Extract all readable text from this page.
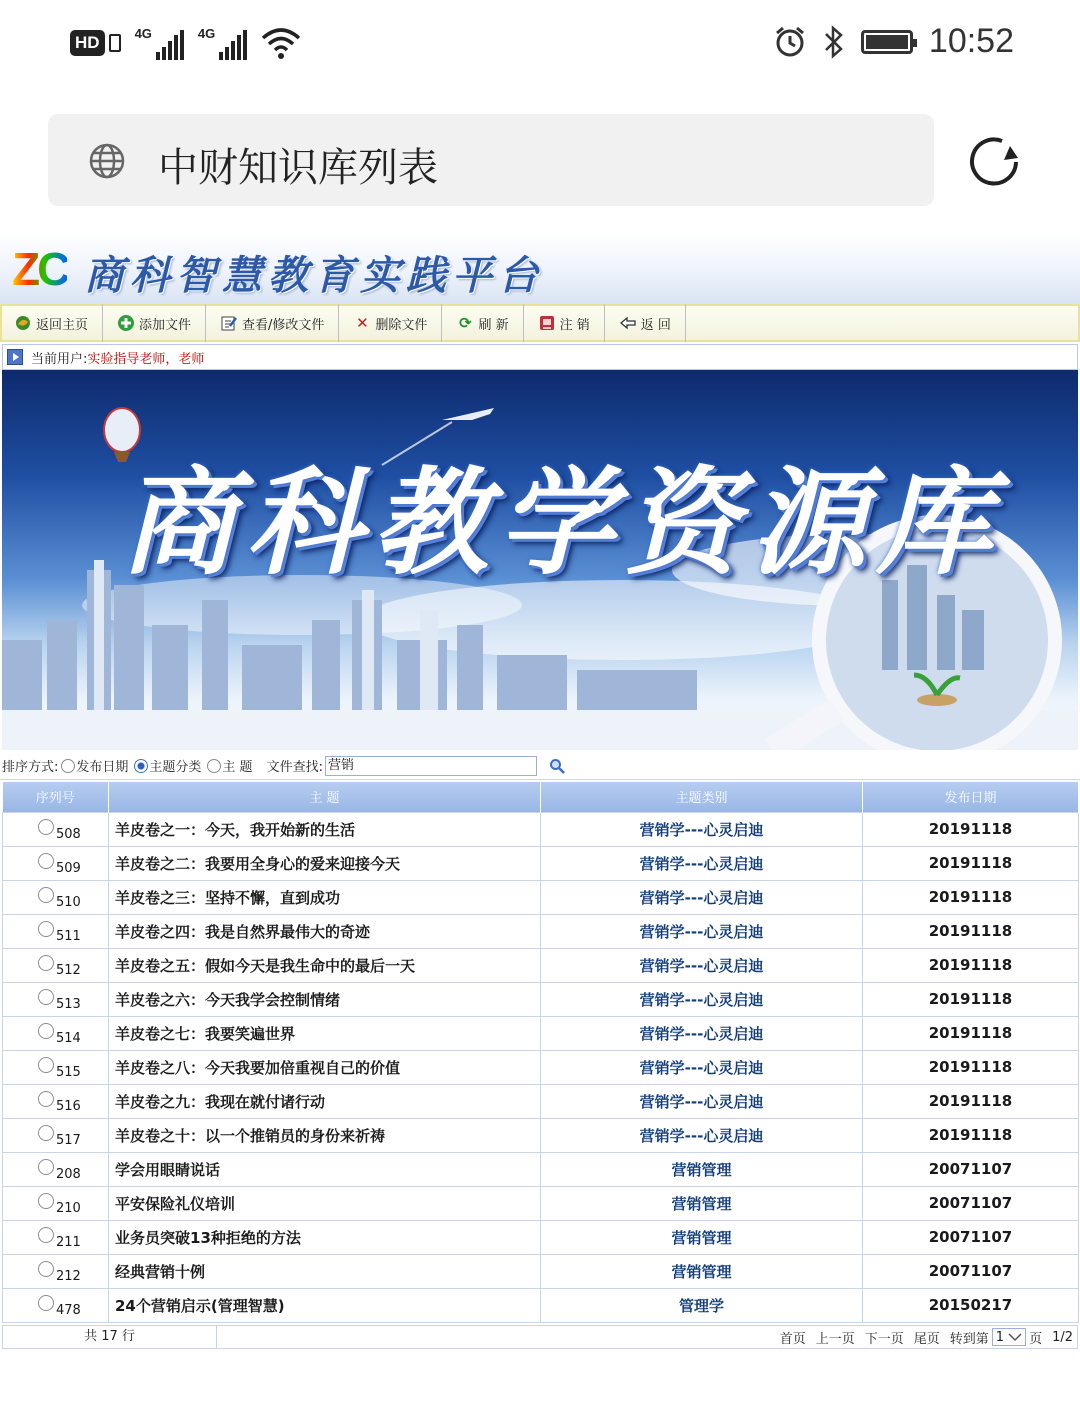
HD	4G	4G	10:52
中财知识库列表
ZC 商科智慧教育实践平台
返回主页	添加文件	查看/修改文件 ✕ 删除文件 ⟳ 刷 新	注 销	返 回
当前用户: 实验指导老师，老师
商科教学资源库
排序方式: 发布日期 主题分类 主 题 文件查找: 营销
序列号	主 题	主题类别	发布日期

508	羊皮卷之一：今天，我开始新的生活	营销学---心灵启迪	20191118

509	羊皮卷之二：我要用全身心的爱来迎接今天	营销学---心灵启迪	20191118

510	羊皮卷之三：坚持不懈，直到成功	营销学---心灵启迪	20191118

511	羊皮卷之四：我是自然界最伟大的奇迹	营销学---心灵启迪	20191118

512	羊皮卷之五：假如今天是我生命中的最后一天	营销学---心灵启迪	20191118

513	羊皮卷之六：今天我学会控制情绪	营销学---心灵启迪	20191118

514	羊皮卷之七：我要笑遍世界	营销学---心灵启迪	20191118

515	羊皮卷之八：今天我要加倍重视自己的价值	营销学---心灵启迪	20191118

516	羊皮卷之九：我现在就付诸行动	营销学---心灵启迪	20191118

517	羊皮卷之十：以一个推销员的身份来祈祷	营销学---心灵启迪	20191118

208	学会用眼睛说话	营销管理	20071107

210	平安保险礼仪培训	营销管理	20071107

211	业务员突破13种拒绝的方法	营销管理	20071107

212	经典营销十例	营销管理	20071107

478	24个营销启示(管理智慧)	管理学	20150217
共 17 行	首页 上一页 下一页 尾页 转到第 1 页 1/2
